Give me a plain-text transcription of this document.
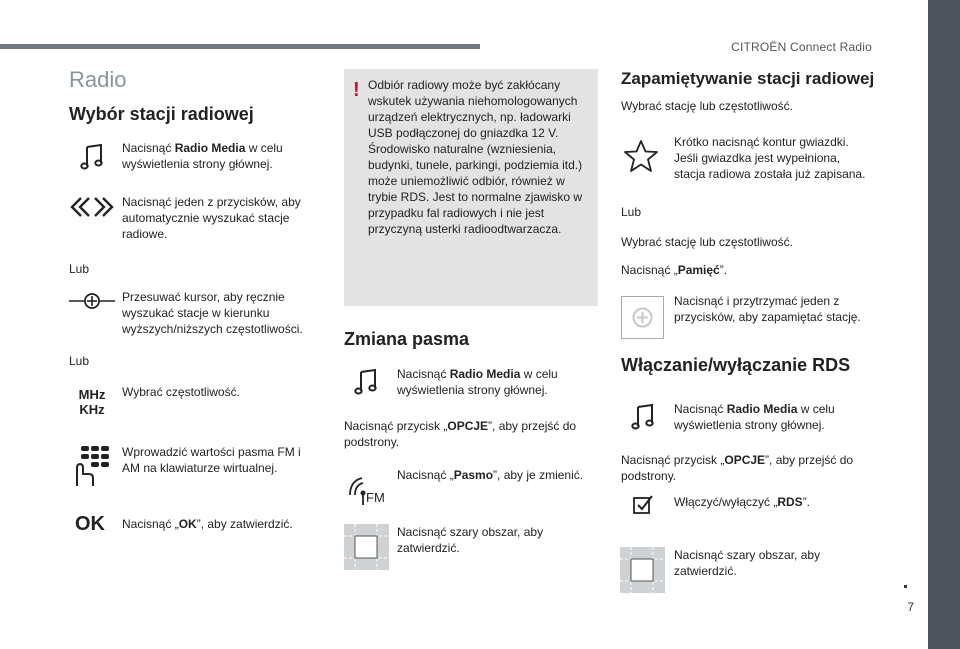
CITROËN Connect Radio
7
Radio
Wybór stacji radiowej
Nacisnąć Radio Media w celu wyświetlenia strony głównej.
Nacisnąć jeden z przycisków, aby automatycznie wyszukać stacje radiowe.
Lub
Przesuwać kursor, aby ręcznie wyszukać stacje w kierunku wyższych/niższych częstotliwości.
Lub
MHz
KHz
Wybrać częstotliwość.
Wprowadzić wartości pasma FM i AM na klawiaturze wirtualnej.
OK Nacisnąć „OK”, aby zatwierdzić.
! Odbiór radiowy może być zakłócany wskutek używania niehomologowanych urządzeń elektrycznych, np. ładowarki USB podłączonej do gniazdka 12 V. Środowisko naturalne (wzniesienia, budynki, tunele, parkingi, podziemia itd.) może uniemożliwić odbiór, również w trybie RDS. Jest to normalne zjawisko w przypadku fal radiowych i nie jest przyczyną usterki radioodtwarzacza.
Zmiana pasma
Nacisnąć Radio Media w celu wyświetlenia strony głównej.
Nacisnąć przycisk „OPCJE”, aby przejść do podstrony.
FM
Nacisnąć „Pasmo”, aby je zmienić.
Nacisnąć szary obszar, aby zatwierdzić.
Zapamiętywanie stacji radiowej
Wybrać stację lub częstotliwość.
Krótko nacisnąć kontur gwiazdki. Jeśli gwiazdka jest wypełniona, stacja radiowa została już zapisana.
Lub
Wybrać stację lub częstotliwość.
Nacisnąć „Pamięć”.
Nacisnąć i przytrzymać jeden z przycisków, aby zapamiętać stację.
Włączanie/wyłączanie RDS
Nacisnąć Radio Media w celu wyświetlenia strony głównej.
Nacisnąć przycisk „OPCJE”, aby przejść do podstrony.
Włączyć/wyłączyć „RDS”.
Nacisnąć szary obszar, aby zatwierdzić.
